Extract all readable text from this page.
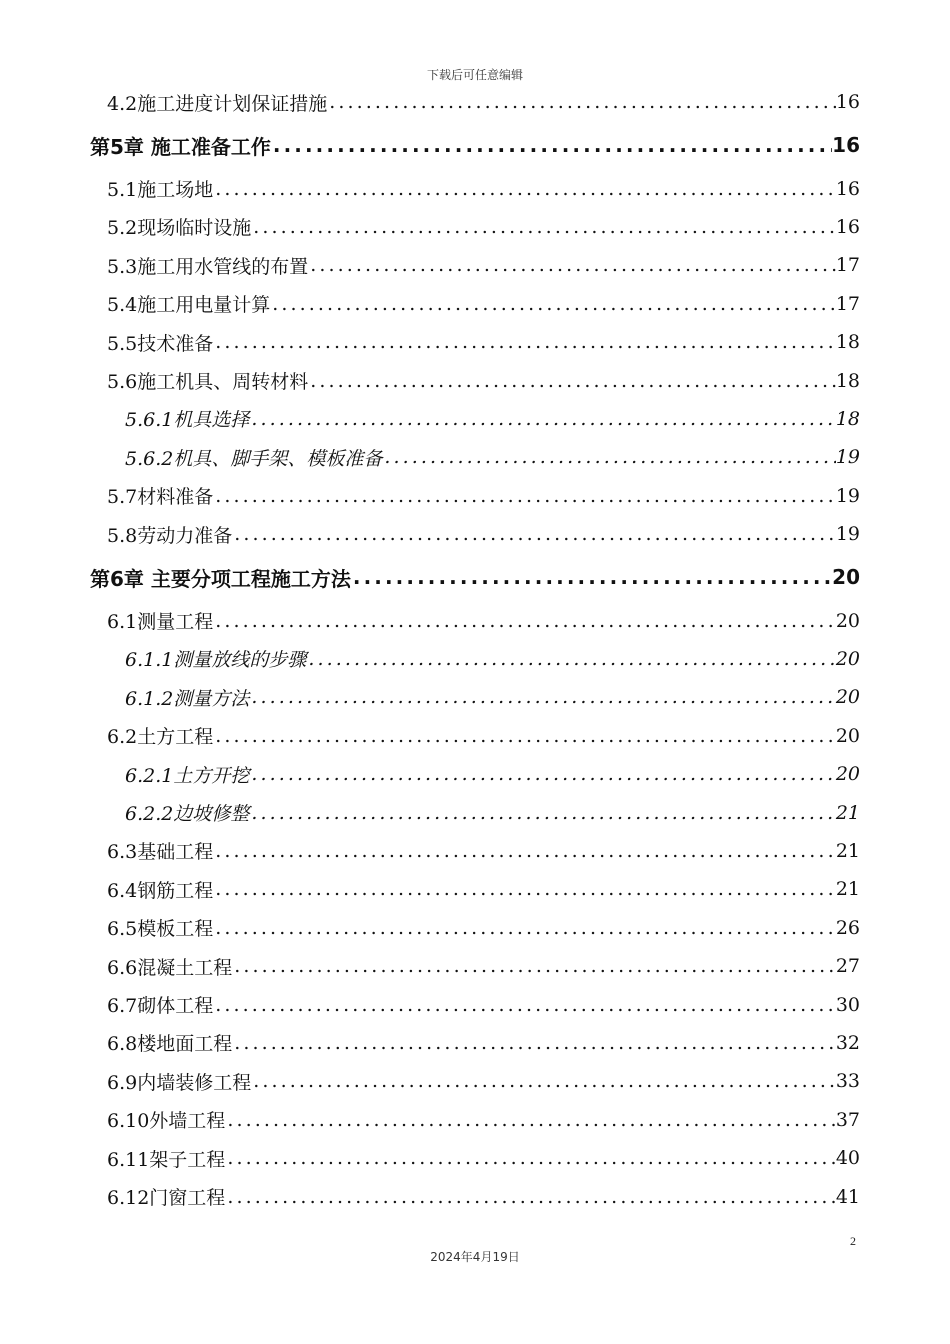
下载后可任意编辑
4.2施工进度计划保证措施 .....	16
第5章 施工准备工作 .....	16
5.1施工场地 .....	16
5.2现场临时设施 .....	16
5.3施工用水管线的布置 .....	17
5.4施工用电量计算 .....	17
5.5技术准备 .....	18
5.6施工机具、周转材料 .....	18
5.6.1机具选择 .....	18
5.6.2机具、脚手架、模板准备 .....	19
5.7材料准备 .....	19
5.8劳动力准备 .....	19
第6章 主要分项工程施工方法 .....	20
6.1测量工程 .....	20
6.1.1测量放线的步骤 .....	20
6.1.2测量方法 .....	20
6.2土方工程 .....	20
6.2.1土方开挖 .....	20
6.2.2边坡修整 .....	21
6.3基础工程 .....	21
6.4钢筋工程 .....	21
6.5模板工程 .....	26
6.6混凝土工程 .....	27
6.7砌体工程 .....	30
6.8楼地面工程 .....	32
6.9内墙装修工程 .....	33
6.10外墙工程 .....	37
6.11架子工程 .....	40
6.12门窗工程 .....	41
2
2024年4月19日
